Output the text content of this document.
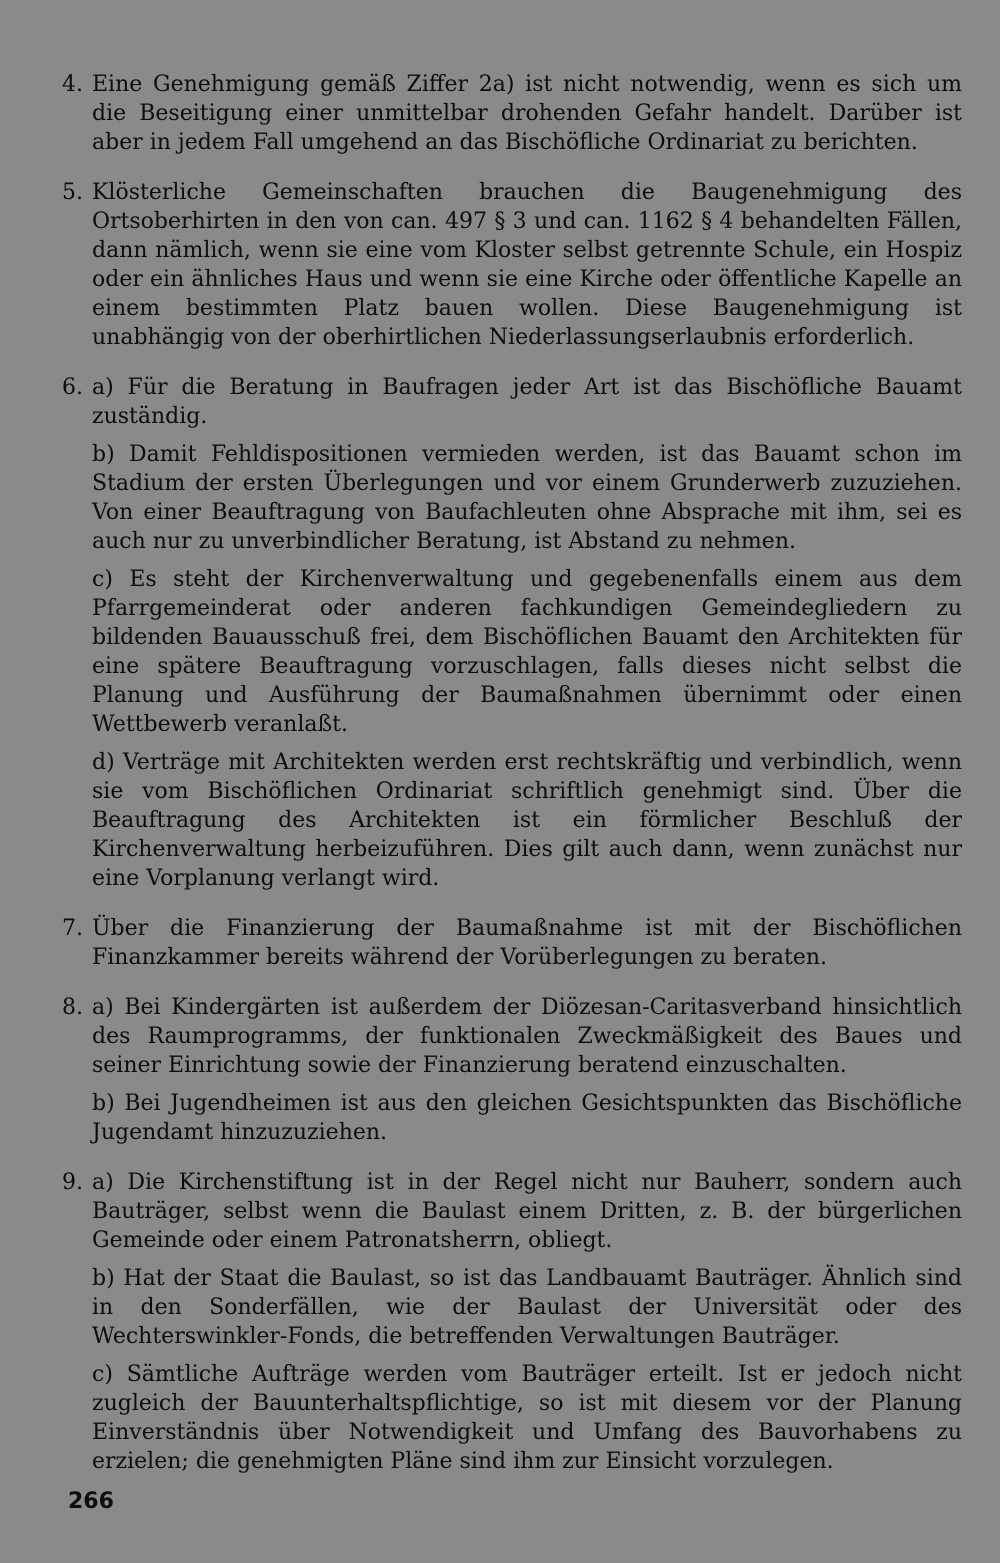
4. Eine Genehmigung gemäß Ziffer 2a) ist nicht notwendig, wenn es sich um die Beseitigung einer unmittelbar drohenden Gefahr handelt. Darüber ist aber in jedem Fall umgehend an das Bischöfliche Ordinariat zu berichten.

5. Klösterliche Gemeinschaften brauchen die Baugenehmigung des Ortsoberhirten in den von can. 497 § 3 und can. 1162 § 4 behandelten Fällen, dann nämlich, wenn sie eine vom Kloster selbst getrennte Schule, ein Hospiz oder ein ähnliches Haus und wenn sie eine Kirche oder öffentliche Kapelle an einem bestimmten Platz bauen wollen. Diese Baugenehmigung ist unabhängig von der oberhirtlichen Niederlassungserlaubnis erforderlich.

6. a) Für die Beratung in Baufragen jeder Art ist das Bischöfliche Bauamt zuständig.

b) Damit Fehldispositionen vermieden werden, ist das Bauamt schon im Stadium der ersten Überlegungen und vor einem Grunderwerb zuzuziehen. Von einer Beauftragung von Baufachleuten ohne Absprache mit ihm, sei es auch nur zu unverbindlicher Beratung, ist Abstand zu nehmen.

c) Es steht der Kirchenverwaltung und gegebenenfalls einem aus dem Pfarrgemeinderat oder anderen fachkundigen Gemeindegliedern zu bildenden Bauausschuß frei, dem Bischöflichen Bauamt den Architekten für eine spätere Beauftragung vorzuschlagen, falls dieses nicht selbst die Planung und Ausführung der Baumaßnahmen übernimmt oder einen Wettbewerb veranlaßt.

d) Verträge mit Architekten werden erst rechtskräftig und verbindlich, wenn sie vom Bischöflichen Ordinariat schriftlich genehmigt sind. Über die Beauftragung des Architekten ist ein förmlicher Beschluß der Kirchenverwaltung herbeizuführen. Dies gilt auch dann, wenn zunächst nur eine Vorplanung verlangt wird.

7. Über die Finanzierung der Baumaßnahme ist mit der Bischöflichen Finanzkammer bereits während der Vorüberlegungen zu beraten.

8. a) Bei Kindergärten ist außerdem der Diözesan-Caritasverband hinsichtlich des Raumprogramms, der funktionalen Zweckmäßigkeit des Baues und seiner Einrichtung sowie der Finanzierung beratend einzuschalten.

b) Bei Jugendheimen ist aus den gleichen Gesichtspunkten das Bischöfliche Jugendamt hinzuzuziehen.

9. a) Die Kirchenstiftung ist in der Regel nicht nur Bauherr, sondern auch Bauträger, selbst wenn die Baulast einem Dritten, z. B. der bürgerlichen Gemeinde oder einem Patronatsherrn, obliegt.

b) Hat der Staat die Baulast, so ist das Landbauamt Bauträger. Ähnlich sind in den Sonderfällen, wie der Baulast der Universität oder des Wechterswinkler-Fonds, die betreffenden Verwaltungen Bauträger.

c) Sämtliche Aufträge werden vom Bauträger erteilt. Ist er jedoch nicht zugleich der Bauunterhaltspflichtige, so ist mit diesem vor der Planung Einverständnis über Notwendigkeit und Umfang des Bauvorhabens zu erzielen; die genehmigten Pläne sind ihm zur Einsicht vorzulegen.

266
